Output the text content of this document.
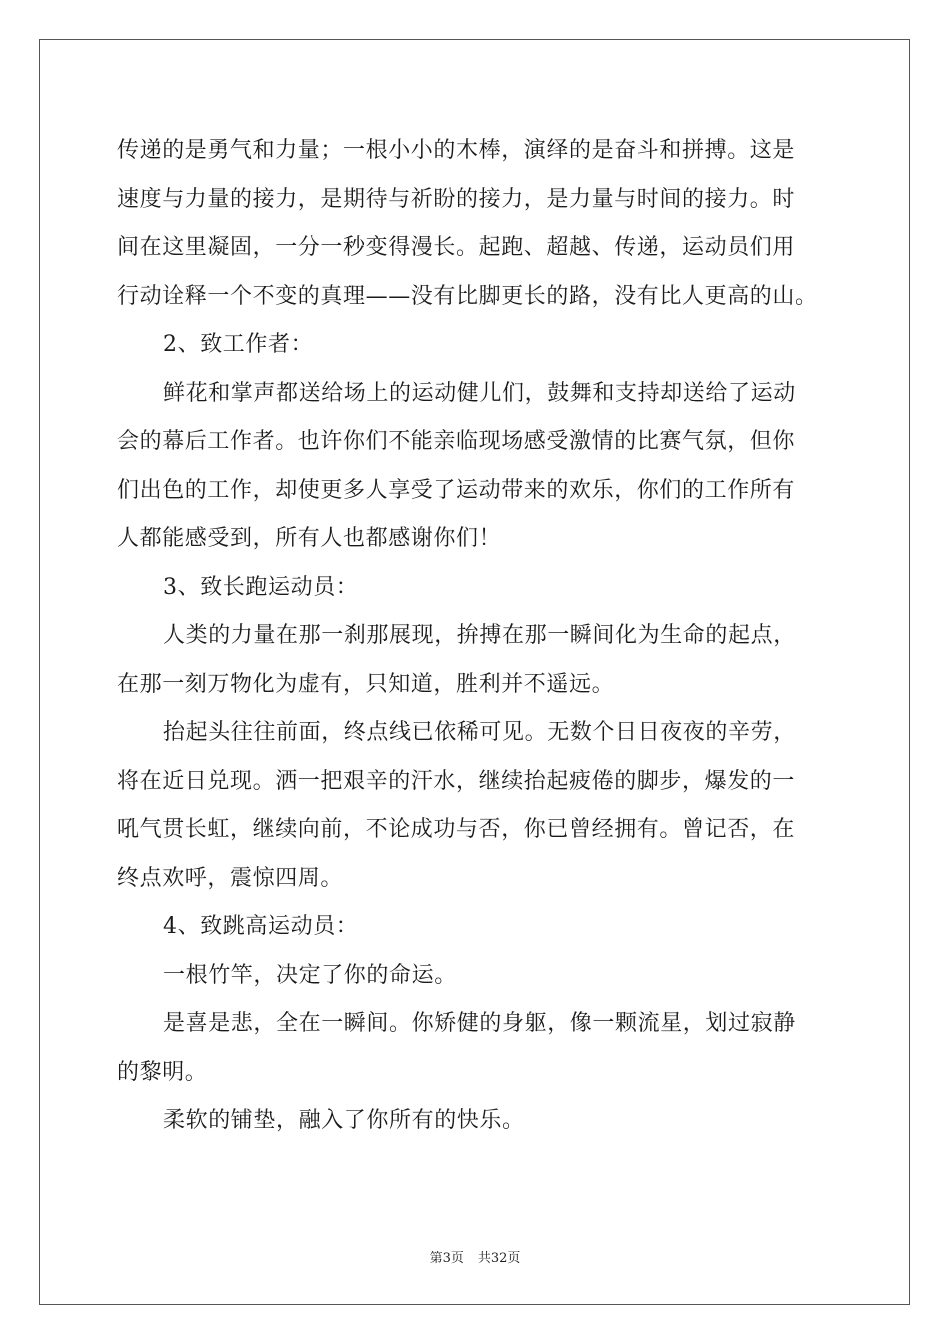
传递的是勇气和力量；一根小小的木棒，演绎的是奋斗和拼搏。这是
速度与力量的接力，是期待与祈盼的接力，是力量与时间的接力。时
间在这里凝固，一分一秒变得漫长。起跑、超越、传递，运动员们用
行动诠释一个不变的真理——没有比脚更长的路，没有比人更高的山。
2、致工作者：
鲜花和掌声都送给场上的运动健儿们，鼓舞和支持却送给了运动
会的幕后工作者。也许你们不能亲临现场感受激情的比赛气氛，但你
们出色的工作，却使更多人享受了运动带来的欢乐，你们的工作所有
人都能感受到，所有人也都感谢你们！
3、致长跑运动员：
人类的力量在那一刹那展现，拚搏在那一瞬间化为生命的起点，
在那一刻万物化为虚有，只知道，胜利并不遥远。
抬起头往往前面，终点线已依稀可见。无数个日日夜夜的辛劳，
将在近日兑现。洒一把艰辛的汗水，继续抬起疲倦的脚步，爆发的一
吼气贯长虹，继续向前，不论成功与否，你已曾经拥有。曾记否，在
终点欢呼，震惊四周。
4、致跳高运动员：
一根竹竿，决定了你的命运。
是喜是悲，全在一瞬间。你矫健的身躯，像一颗流星，划过寂静
的黎明。
柔软的铺垫，融入了你所有的快乐。
第3页 共32页
